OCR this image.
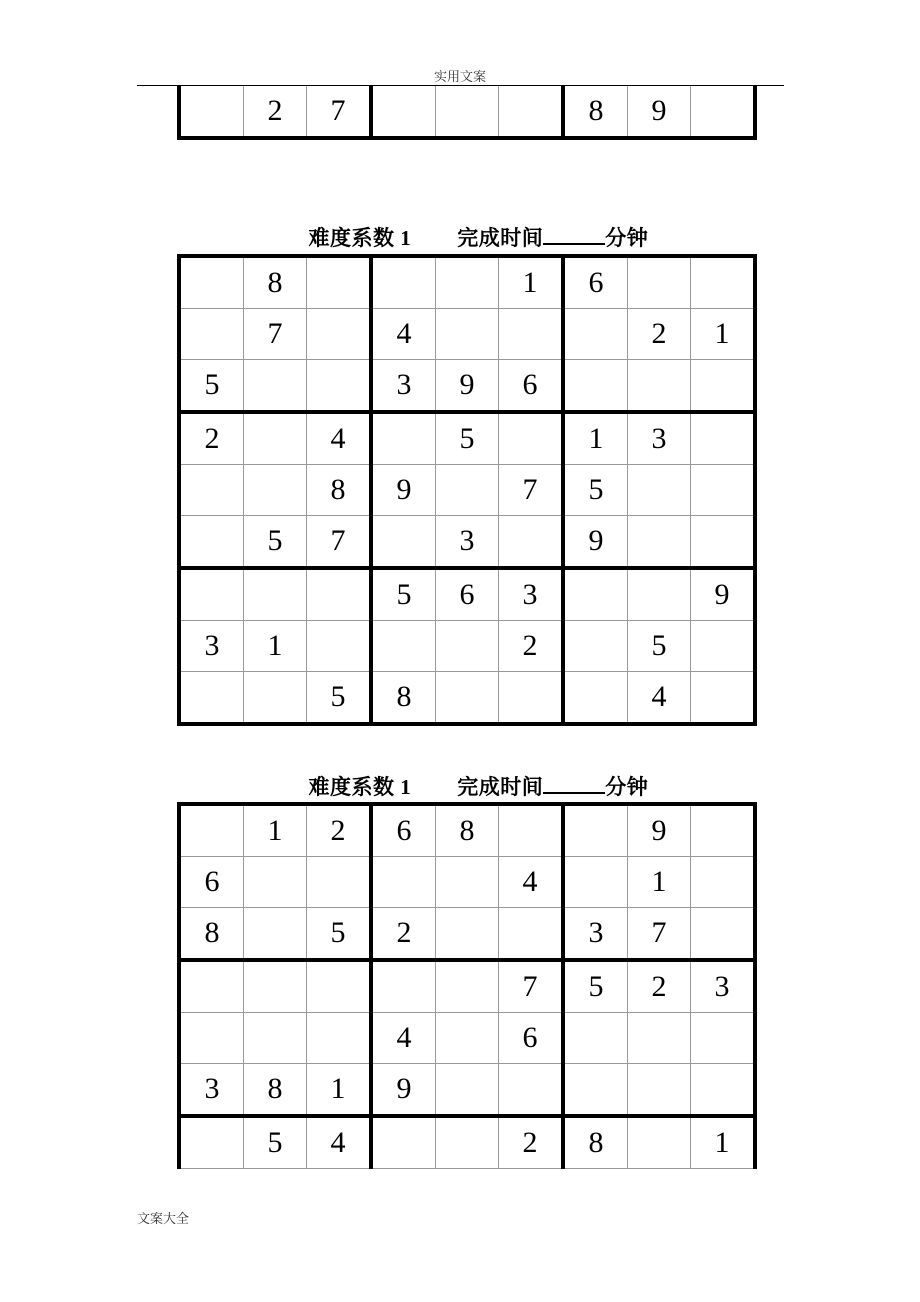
实用文案
	2	7				8	9	

难度系数 1 完成时间	分钟

	8				1	6		
	7		4				2	1
5			3	9	6			
2		4		5		1	3	
		8	9		7	5		
	5	7		3		9		
			5	6	3			9
3	1				2		5	
		5	8				4	

难度系数 1 完成时间	分钟

	1	2	6	8			9	
6					4		1	
8		5	2			3	7	
					7	5	2	3
			4		6			
3	8	1	9					
	5	4			2	8		1
文案大全
